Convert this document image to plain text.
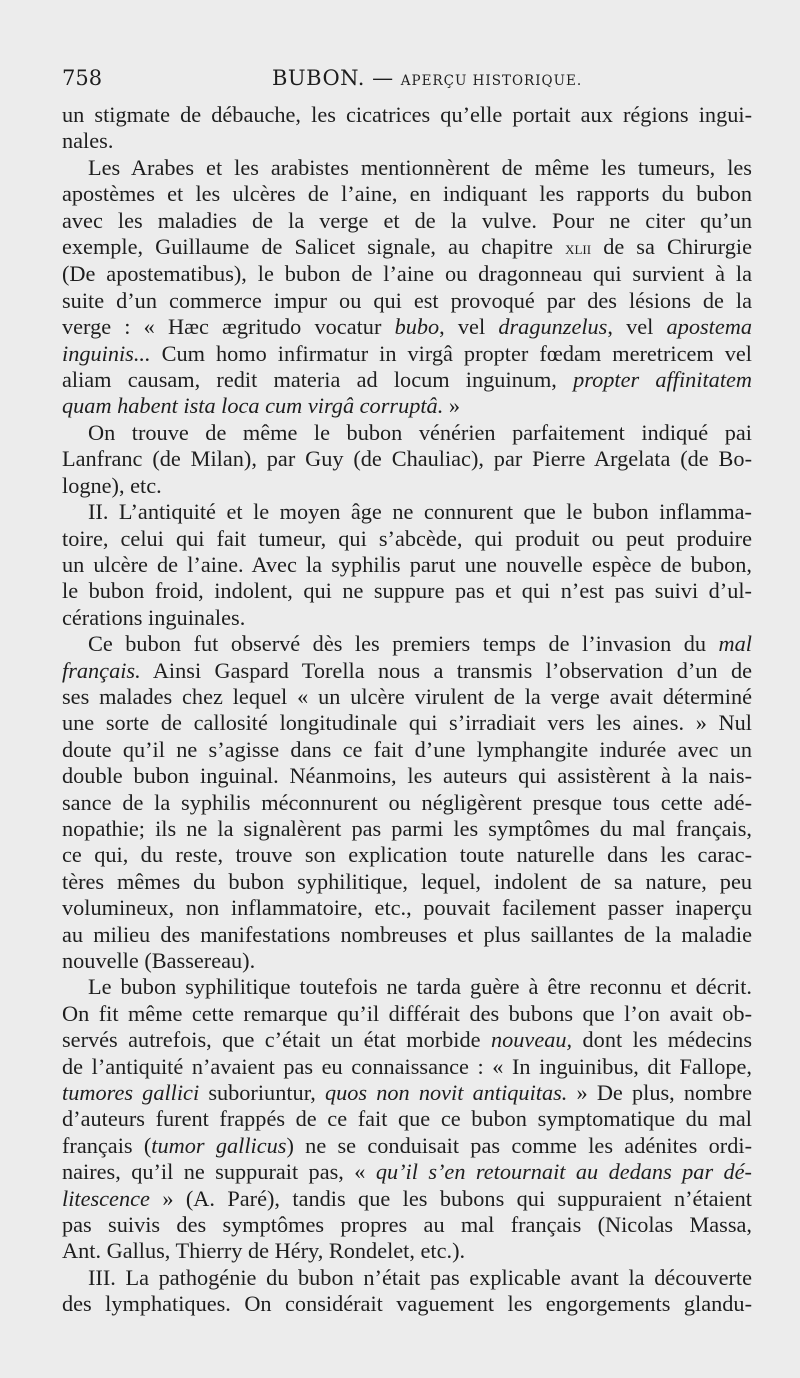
758	BUBON. — APERÇU HISTORIQUE.
un stigmate de débauche, les cicatrices qu’elle portait aux régions ingui-
nales.
Les Arabes et les arabistes mentionnèrent de même les tumeurs, les
apostèmes et les ulcères de l’aine, en indiquant les rapports du bubon
avec les maladies de la verge et de la vulve. Pour ne citer qu’un
exemple, Guillaume de Salicet signale, au chapitre xlii de sa Chirurgie
(De apostematibus), le bubon de l’aine ou dragonneau qui survient à la
suite d’un commerce impur ou qui est provoqué par des lésions de la
verge : « Hæc ægritudo vocatur bubo, vel dragunzelus, vel apostema
inguinis... Cum homo infirmatur in virgâ propter fœdam meretricem vel
aliam causam, redit materia ad locum inguinum, propter affinitatem
quam habent ista loca cum virgâ corruptâ. »
On trouve de même le bubon vénérien parfaitement indiqué pai
Lanfranc (de Milan), par Guy (de Chauliac), par Pierre Argelata (de Bo-
logne), etc.
II. L’antiquité et le moyen âge ne connurent que le bubon inflamma-
toire, celui qui fait tumeur, qui s’abcède, qui produit ou peut produire
un ulcère de l’aine. Avec la syphilis parut une nouvelle espèce de bubon,
le bubon froid, indolent, qui ne suppure pas et qui n’est pas suivi d’ul-
cérations inguinales.
Ce bubon fut observé dès les premiers temps de l’invasion du mal
français. Ainsi Gaspard Torella nous a transmis l’observation d’un de
ses malades chez lequel « un ulcère virulent de la verge avait déterminé
une sorte de callosité longitudinale qui s’irradiait vers les aines. » Nul
doute qu’il ne s’agisse dans ce fait d’une lymphangite indurée avec un
double bubon inguinal. Néanmoins, les auteurs qui assistèrent à la nais-
sance de la syphilis méconnurent ou négligèrent presque tous cette adé-
nopathie; ils ne la signalèrent pas parmi les symptômes du mal français,
ce qui, du reste, trouve son explication toute naturelle dans les carac-
tères mêmes du bubon syphilitique, lequel, indolent de sa nature, peu
volumineux, non inflammatoire, etc., pouvait facilement passer inaperçu
au milieu des manifestations nombreuses et plus saillantes de la maladie
nouvelle (Bassereau).
Le bubon syphilitique toutefois ne tarda guère à être reconnu et décrit.
On fit même cette remarque qu’il différait des bubons que l’on avait ob-
servés autrefois, que c’était un état morbide nouveau, dont les médecins
de l’antiquité n’avaient pas eu connaissance : « In inguinibus, dit Fallope,
tumores gallici suboriuntur, quos non novit antiquitas. » De plus, nombre
d’auteurs furent frappés de ce fait que ce bubon symptomatique du mal
français (tumor gallicus) ne se conduisait pas comme les adénites ordi-
naires, qu’il ne suppurait pas, « qu’il s’en retournait au dedans par dé-
litescence » (A. Paré), tandis que les bubons qui suppuraient n’étaient
pas suivis des symptômes propres au mal français (Nicolas Massa,
Ant. Gallus, Thierry de Héry, Rondelet, etc.).
III. La pathogénie du bubon n’était pas explicable avant la découverte
des lymphatiques. On considérait vaguement les engorgements glandu-
